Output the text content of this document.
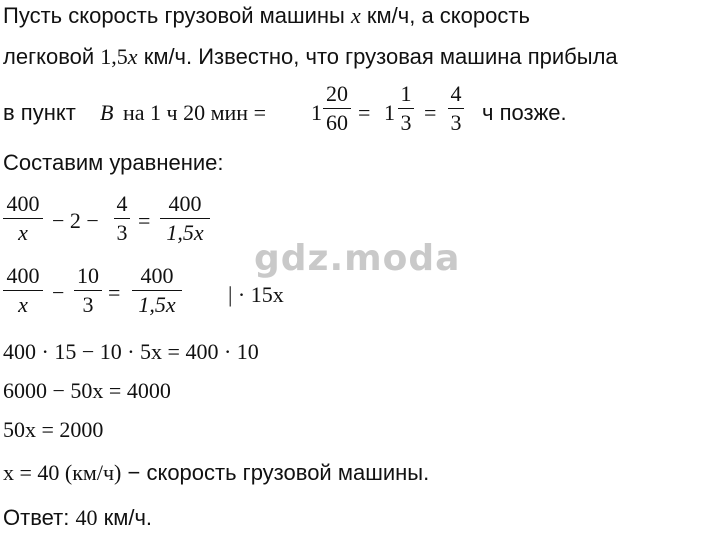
Пусть скорость грузовой машины x км/ч, а скорость
легковой 1,5x км/ч. Известно, что грузовая машина прибыла
в пункт B на 1 ч 20 мин = 1
20
60 = 1
1
3 =
4
3 ч позже.
Составим уравнение:
400
x − 2 −
4
3 =
400
1,5x
gdz.moda
400
x −
10
3 =
400
1,5x | · 15x
400 · 15 − 10 · 5x = 400 · 10
6000 − 50x = 4000
50x = 2000
x = 40 (км/ч) − скорость грузовой машины.
Ответ: 40 км/ч.
